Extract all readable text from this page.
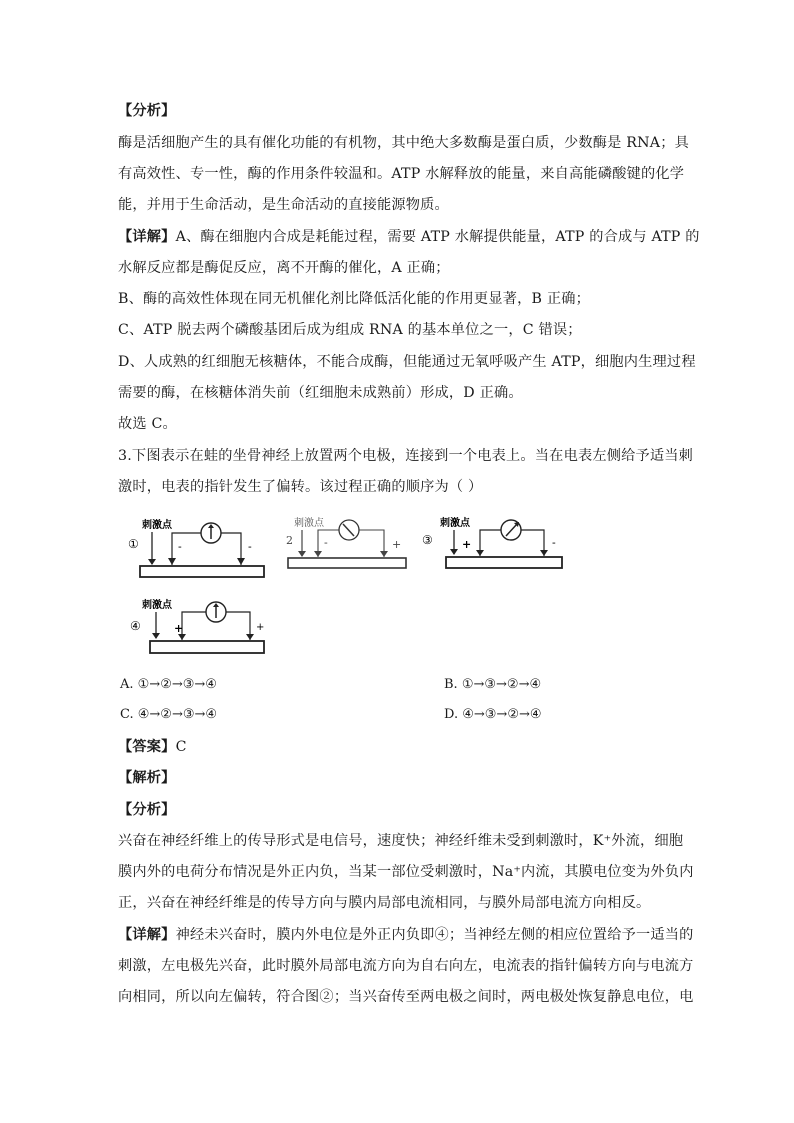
【分析】
酶是活细胞产生的具有催化功能的有机物，其中绝大多数酶是蛋白质，少数酶是 RNA；具
有高效性、专一性，酶的作用条件较温和。ATP 水解释放的能量，来自高能磷酸键的化学
能，并用于生命活动，是生命活动的直接能源物质。
【详解】A、酶在细胞内合成是耗能过程，需要 ATP 水解提供能量，ATP 的合成与 ATP 的
水解反应都是酶促反应，离不开酶的催化，A 正确；
B、酶的高效性体现在同无机催化剂比降低活化能的作用更显著，B 正确；
C、ATP 脱去两个磷酸基团后成为组成 RNA 的基本单位之一，C 错误；
D、人成熟的红细胞无核糖体，不能合成酶，但能通过无氧呼吸产生 ATP，细胞内生理过程
需要的酶，在核糖体消失前（红细胞未成熟前）形成，D 正确。
故选 C。
3.下图表示在蛙的坐骨神经上放置两个电极，连接到一个电表上。当在电表左侧给予适当刺
激时，电表的指针发生了偏转。该过程正确的顺序为（ ）
刺激点
①	-	-
刺激点
2	-	+
刺激点
③	+	-
刺激点
④	+	+
A. ①→②→③→④	B. ①→③→②→④
C. ④→②→③→④	D. ④→③→②→④
【答案】C
【解析】
【分析】
兴奋在神经纤维上的传导形式是电信号，速度快；神经纤维未受到刺激时，K⁺外流，细胞
膜内外的电荷分布情况是外正内负，当某一部位受刺激时，Na⁺内流，其膜电位变为外负内
正，兴奋在神经纤维是的传导方向与膜内局部电流相同，与膜外局部电流方向相反。
【详解】神经未兴奋时，膜内外电位是外正内负即④；当神经左侧的相应位置给予一适当的
刺激，左电极先兴奋，此时膜外局部电流方向为自右向左，电流表的指针偏转方向与电流方
向相同，所以向左偏转，符合图②；当兴奋传至两电极之间时，两电极处恢复静息电位，电
